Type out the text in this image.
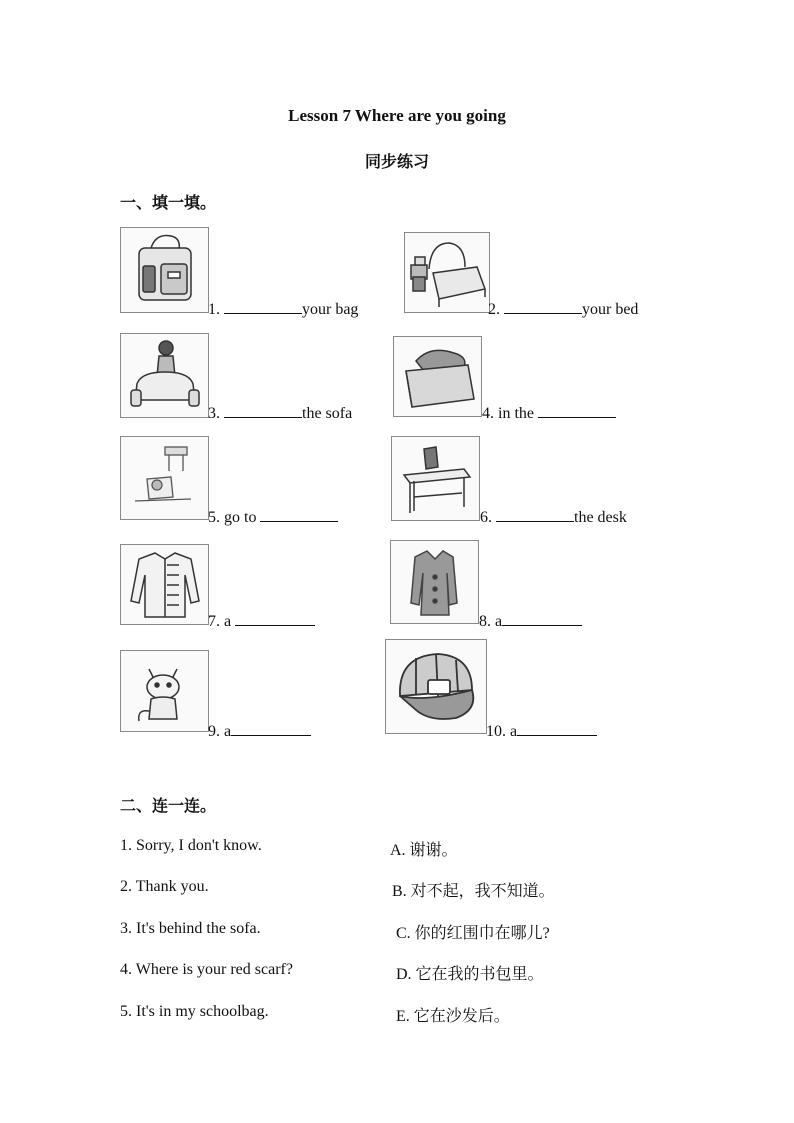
Lesson 7 Where are you going
同步练习
一、填一填。
1.	your bag	2.	your bed
3.	the sofa	4. in the
5. go to	6.	the desk
7. a	8. a
9. a	10. a
二、连一连。
1. Sorry, I don't know.
2. Thank you.
3. It's behind the sofa.
4. Where is your red scarf?
5. It's in my schoolbag.
A. 谢谢。
B. 对不起，我不知道。
C. 你的红围巾在哪儿?
D. 它在我的书包里。
E. 它在沙发后。
